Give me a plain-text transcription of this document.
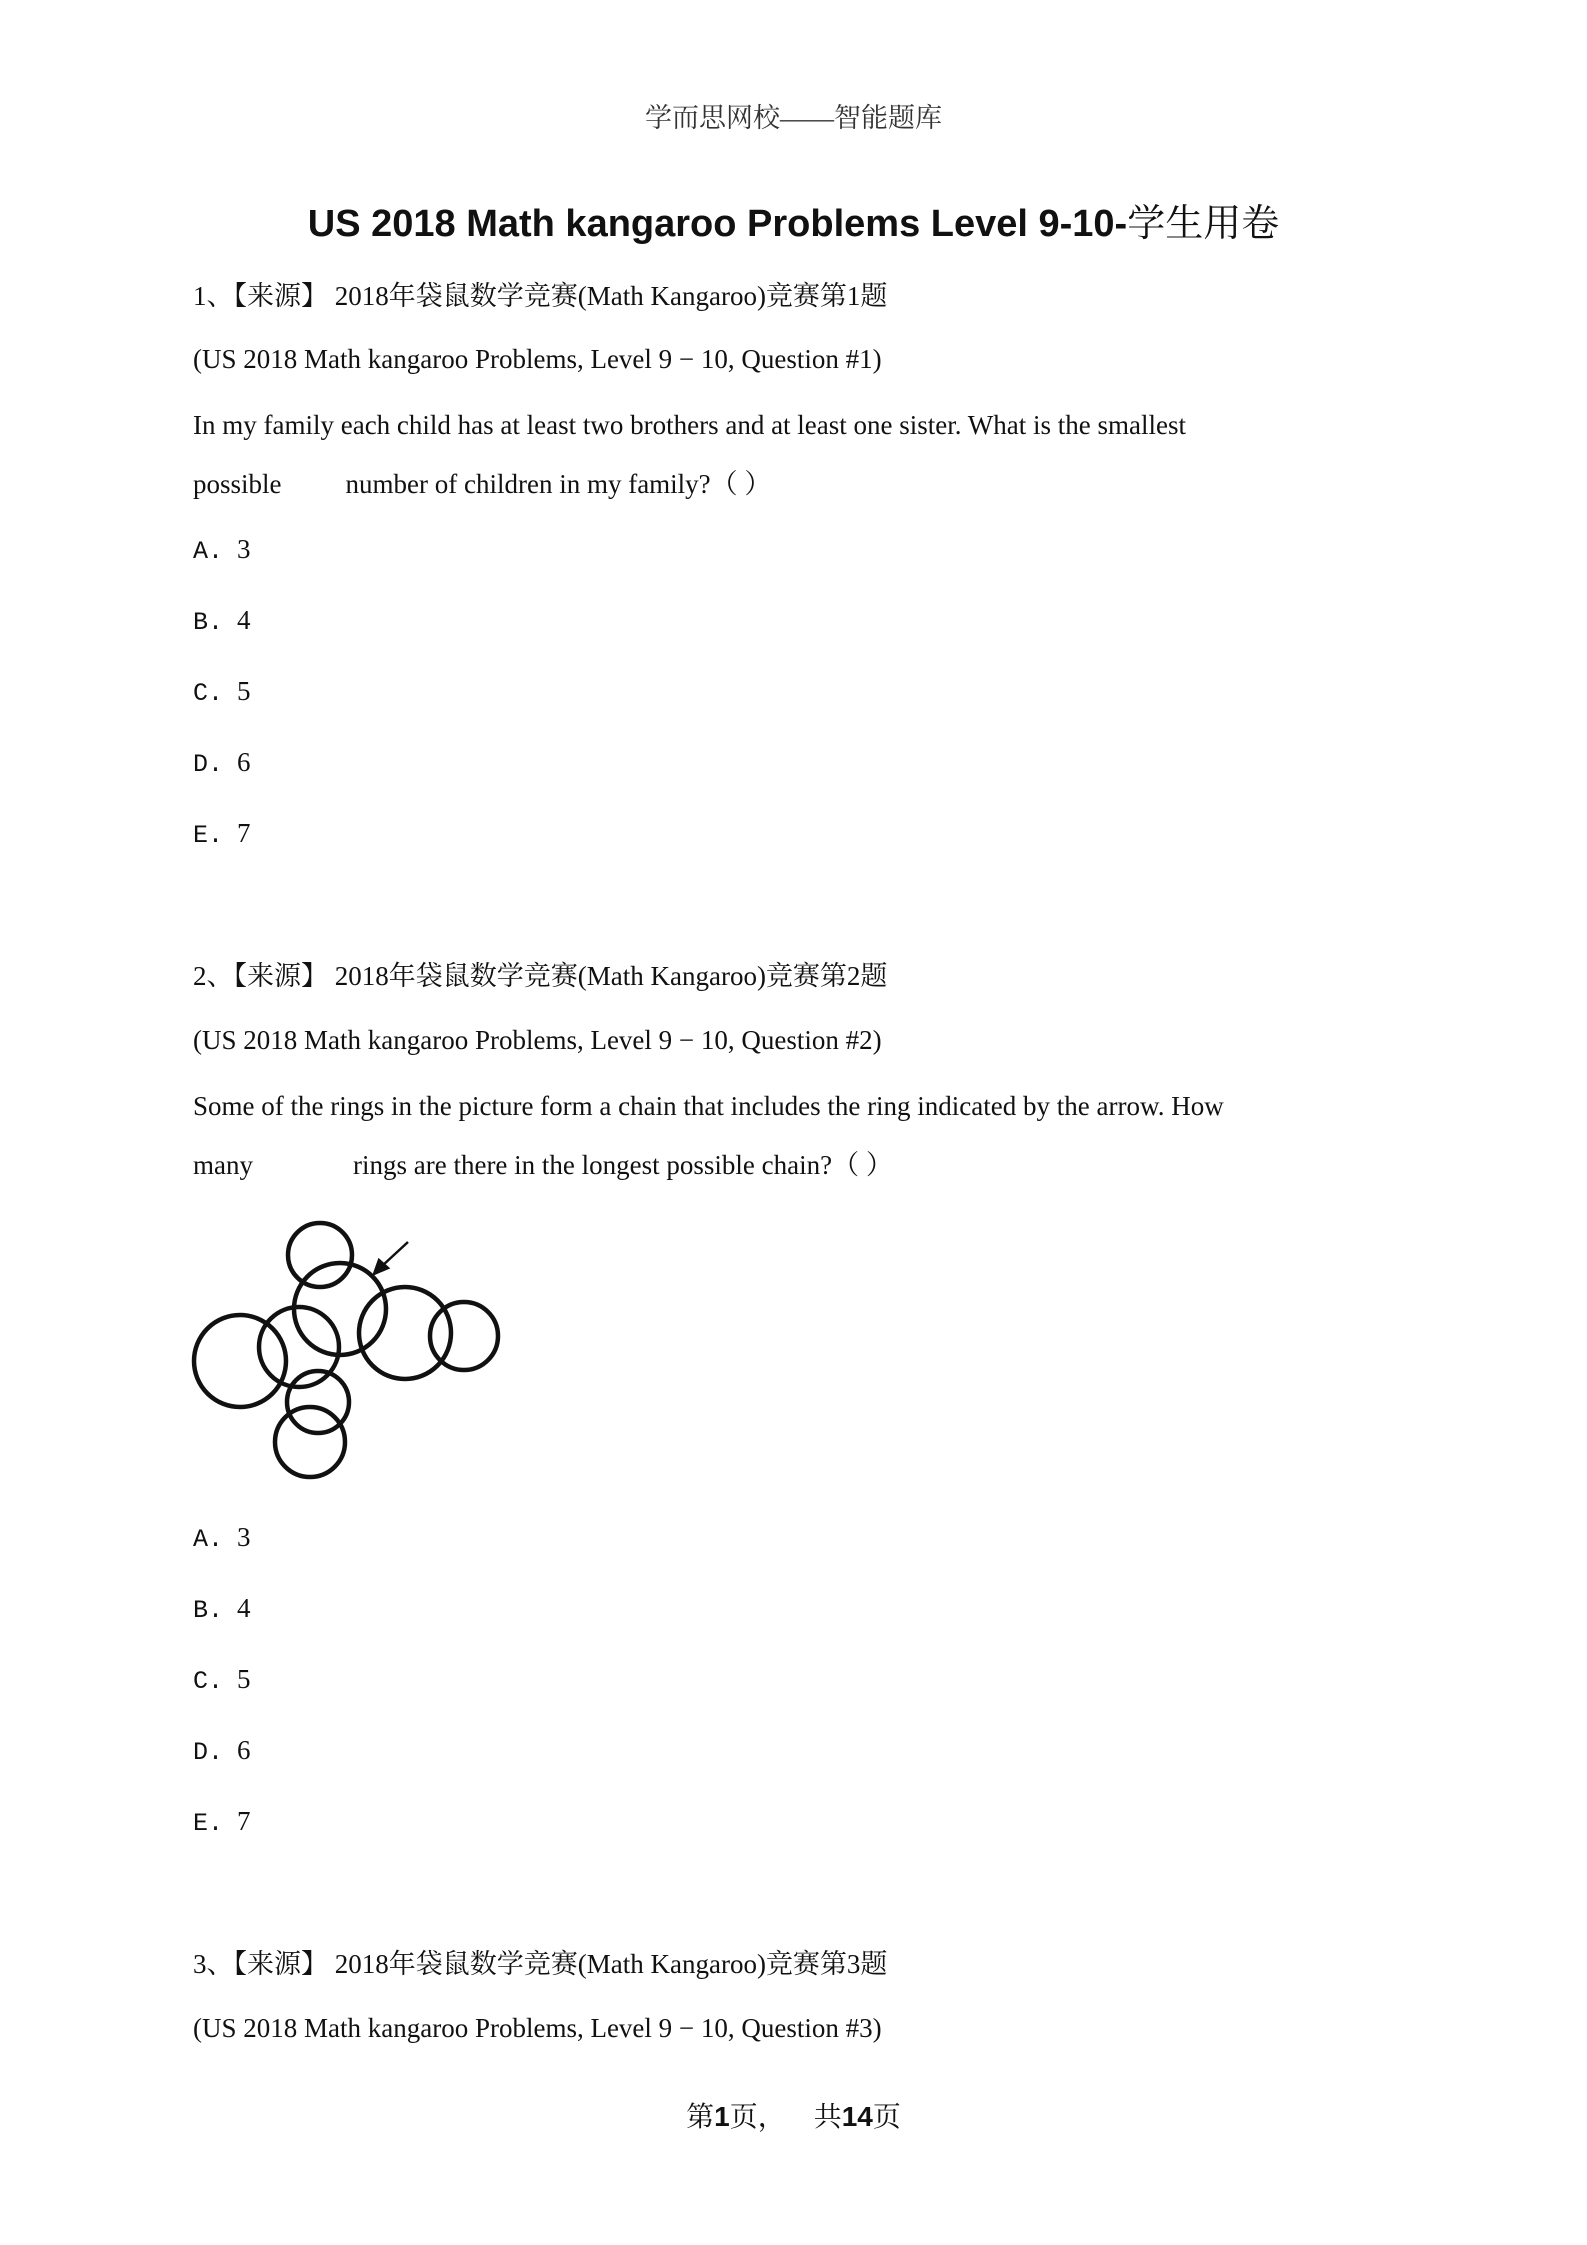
学而思网校——智能题库
US 2018 Math kangaroo Problems Level 9-10-学生用卷
1、【来源】 2018年袋鼠数学竞赛(Math Kangaroo)竞赛第1题
(US 2018 Math kangaroo Problems, Level 9 − 10, Question #1)
In my family each child has at least two brothers and at least one sister. What is the smallest
possible number of children in my family?（ ）
A. 3
B. 4
C. 5
D. 6
E. 7
2、【来源】 2018年袋鼠数学竞赛(Math Kangaroo)竞赛第2题
(US 2018 Math kangaroo Problems, Level 9 − 10, Question #2)
Some of the rings in the picture form a chain that includes the ring indicated by the arrow. How
many	rings are there in the longest possible chain?（ ）
A. 3
B. 4
C. 5
D. 6
E. 7
3、【来源】 2018年袋鼠数学竞赛(Math Kangaroo)竞赛第3题
(US 2018 Math kangaroo Problems, Level 9 − 10, Question #3)
第1页，    共14页
